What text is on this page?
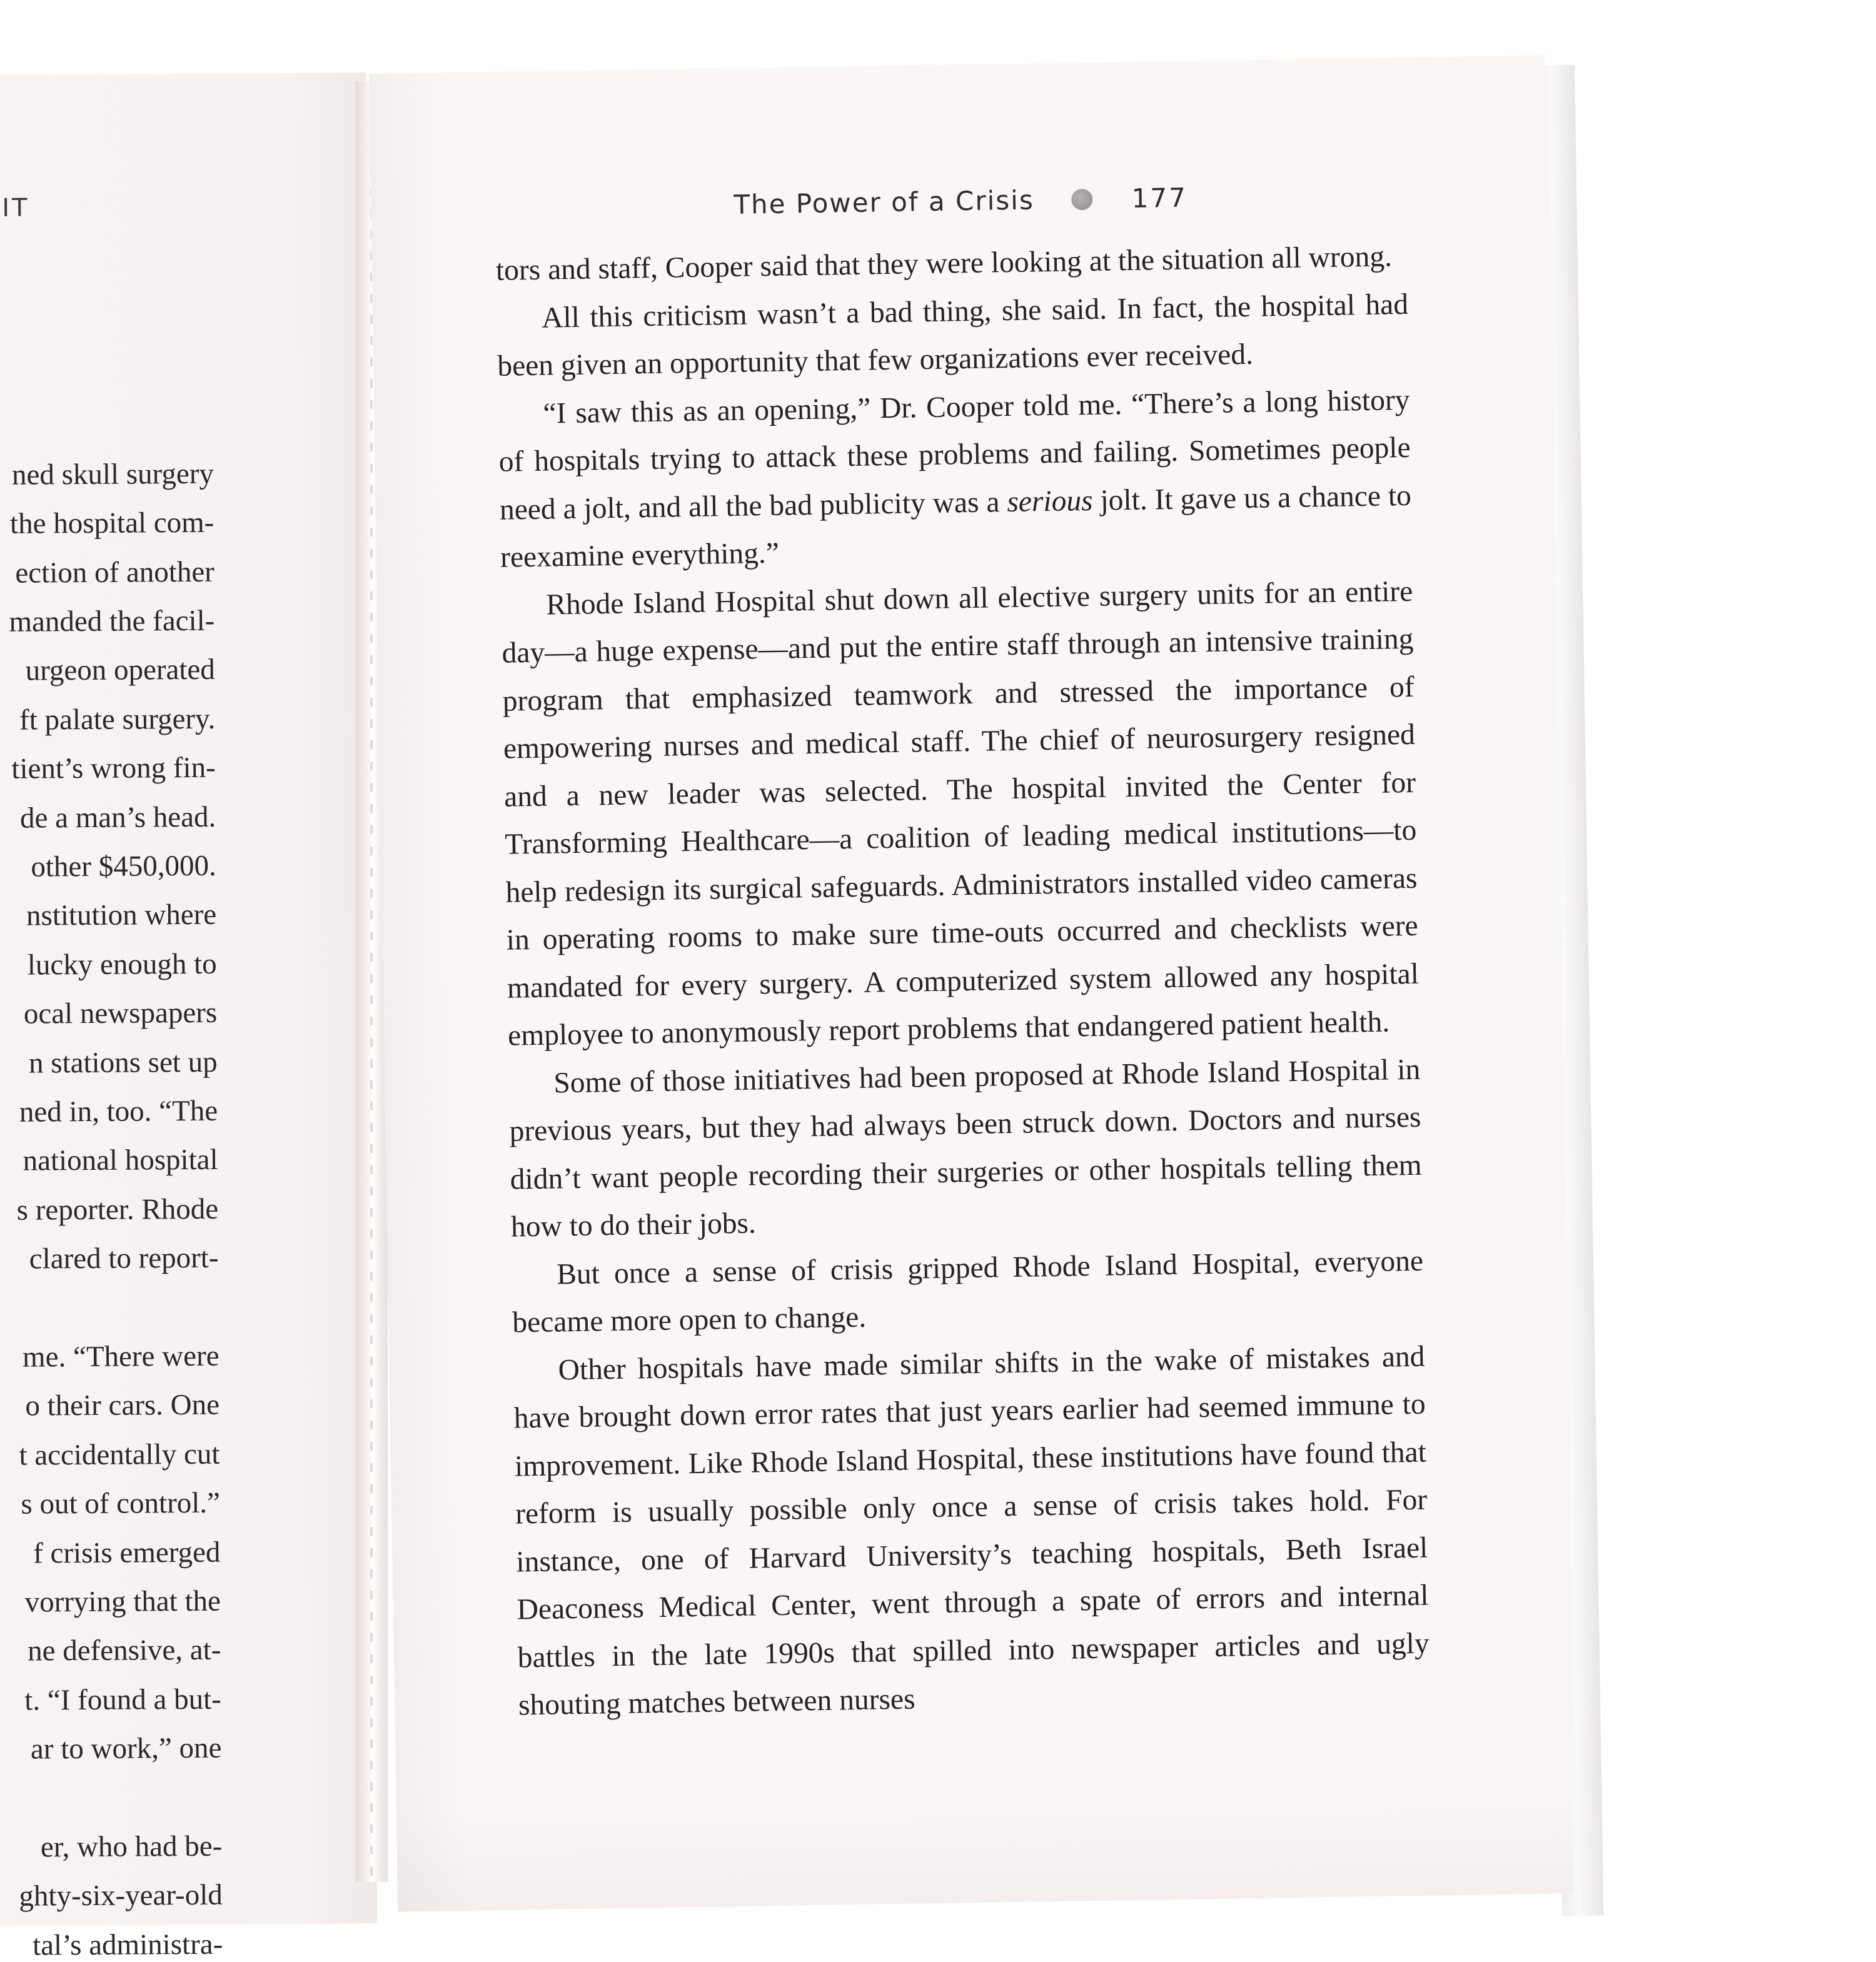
IT
ned skull surgery
the hospital com-
ection of another
manded the facil-
urgeon operated
ft palate surgery.
tient’s wrong fin-
de a man’s head.
other $450,000.
nstitution where
lucky enough to
ocal newspapers
n stations set up
ned in, too. “The
national hospital
s reporter. Rhode
clared to report-
me. “There were
o their cars. One
t accidentally cut
s out of control.”
f crisis emerged
vorrying that the
ne defensive, at-
t. “I found a but-
ar to work,” one
er, who had be-
ghty-six-year-old
tal’s administra-
The Power of a Crisis	177

tors and staff, Cooper said that they were looking at the situation all wrong.

All this criticism wasn’t a bad thing, she said. In fact, the hospital had been given an opportunity that few organizations ever received.

“I saw this as an opening,” Dr. Cooper told me. “There’s a long history of hospitals trying to attack these problems and failing. Sometimes people need a jolt, and all the bad publicity was a serious jolt. It gave us a chance to reexamine everything.”

Rhode Island Hospital shut down all elective surgery units for an entire day—a huge expense—and put the entire staff through an intensive training program that emphasized teamwork and stressed the importance of empowering nurses and medical staff. The chief of neurosurgery resigned and a new leader was selected. The hospital invited the Center for Transforming Healthcare—a coalition of leading medical institutions—to help redesign its surgical safeguards. Administrators installed video cameras in operating rooms to make sure time-outs occurred and checklists were mandated for every surgery. A computerized system allowed any hospital employee to anonymously report problems that endangered patient health.

Some of those initiatives had been proposed at Rhode Island Hospital in previous years, but they had always been struck down. Doctors and nurses didn’t want people recording their surgeries or other hospitals telling them how to do their jobs.

But once a sense of crisis gripped Rhode Island Hospital, everyone became more open to change.

Other hospitals have made similar shifts in the wake of mistakes and have brought down error rates that just years earlier had seemed immune to improvement. Like Rhode Island Hospital, these institutions have found that reform is usually possible only once a sense of crisis takes hold. For instance, one of Harvard University’s teaching hospitals, Beth Israel Deaconess Medical Center, went through a spate of errors and internal battles in the late 1990s that spilled into newspaper articles and ugly shouting matches between nurses
